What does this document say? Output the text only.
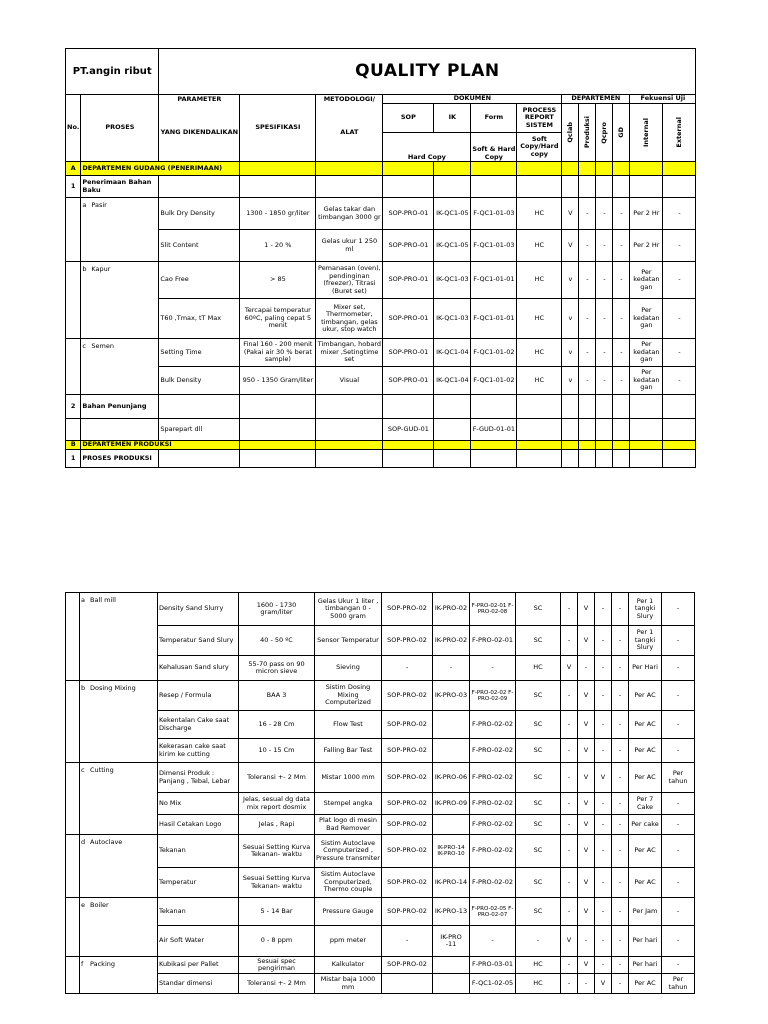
PT.angin ribut		QUALITY PLAN												
No.	PROSES	PARAMETER	SPESIFIKASI	METODOLOGI/	DOKUMEN				DEPARTEMEN				Fekuensi Uji	
		YANG DIKENDALIKAN		ALAT	SOP	IK	Form	PROCESS REPORT SISTEM	Qclab	Produksi	Qcpro	GD	Internal	External

					Hard Copy		Soft & Hard Copy	Soft Copy/Hard copy						
A	DEPARTEMEN GUDANG (PENERIMAAN)													
1	Penerimaan Bahan Baku													
	a Pasir	Bulk Dry Density	1300 - 1850 gr/liter	Gelas takar dan timbangan 3000 gr	SOP-PRO-01	IK-QC1-05	F-QC1-01-03	HC	V	-	-	-	Per 2 Hr	-
		Slit Content	1 - 20 %	Gelas ukur 1 250 ml	SOP-PRO-01	IK-QC1-05	F-QC1-01-03	HC	V	-	-	-	Per 2 Hr	-
	b Kapur	Cao Free	> 85	Pemanasan (oven), pendinginan (freezer), Titrasi (Buret set)	SOP-PRO-01	IK-QC1-03	F-QC1-01-01	HC	v	-	-	-	Per kedatan gan	-
		T60 ,Tmax, tT Max	Tercapai temperatur 60ºC, paling cepat 5 menit	Mixer set, Thermometer, timbangan, gelas ukur, stop watch	SOP-PRO-01	IK-QC1-03	F-QC1-01-01	HC	v	-	-	-	Per kedatan gan	-
	c Semen	Setting Time	Final 160 - 200 menit (Pakai air 30 % berat sample)	Timbangan, hobard mixer ,Setingtime set	SOP-PRO-01	IK-QC1-04	F-QC1-01-02	HC	v	-	-	-	Per kedatan gan	-
		Bulk Density	950 - 1350 Gram/liter	Visual	SOP-PRO-01	IK-QC1-04	F-QC1-01-02	HC	v	-	-	-	Per kedatan gan	-
2	Bahan Penunjang													
		Sparepart dll			SOP-GUD-01		F-GUD-01-01							
B	DEPARTEMEN PRODUKSI													
1	PROSES PRODUKSI													
	a Ball mill	Density Sand Slurry	1600 - 1730 gram/liter	Gelas Ukur 1 liter , timbangan 0 - 5000 gram	SOP-PRO-02	IK-PRO-02	F-PRO-02-01 F-PRO-02-08	SC	-	V	-	-	Per 1 tangki Slury	-
		Temperatur Sand Slury	40 - 50 ºC	Sensor Temperatur	SOP-PRO-02	IK-PRO-02	F-PRO-02-01	SC	-	V	-	-	Per 1 tangki Slury	-
		Kehalusan Sand slury	55-70 pass on 90 micron sieve	Sieving	-	-	-	HC	V	-	-	-	Per Hari	-
	b Dosing Mixing	Resep / Formula	BAA 3	Sistim Dosing Mixing Computerized	SOP-PRO-02	IK-PRO-03	F-PRO-02-02 F-PRO-02-09	SC	-	V	-	-	Per AC	-
		Kekentalan Cake saat Discharge	16 - 28 Cm	Flow Test	SOP-PRO-02		F-PRO-02-02	SC	-	V	-	-	Per AC	-
		Kekerasan cake saat kirim ke cutting	10 - 15 Cm	Falling Bar Test	SOP-PRO-02		F-PRO-02-02	SC	-	V	-	-	Per AC	-
	c Cutting	Dimensi Produk : Panjang , Tebal, Lebar	Toleransi +- 2 Mm	Mistar 1000 mm	SOP-PRO-02	IK-PRO-06	F-PRO-02-02	SC	-	V	V	-	Per AC	Per tahun
		No Mix	Jelas, sesual dg data mix report dosmix	Stempel angka	SOP-PRO-02	IK-PRO-09	F-PRO-02-02	SC	-	V	-	-	Per 7 Cake	-
		Hasil Cetakan Logo	Jelas , Rapi	Plat logo di mesin Bad Remover	SOP-PRO-02		F-PRO-02-02	SC	-	V	-	-	Per cake	-
	d Autoclave	Tekanan	Sesuai Setting Kurva Tekanan- waktu	Sistim Autoclave Computerized , Pressure transmiter	SOP-PRO-02	IK-PRO-14 IK-PRO-10	F-PRO-02-02	SC	-	V	-	-	Per AC	-
		Temperatur	Sesuai Setting Kurva Tekanan- waktu	Sistim Autoclave Computerized, Thermo couple	SOP-PRO-02	IK-PRO-14	F-PRO-02-02	SC	-	V	-	-	Per AC	-
	e Boiler	Tekanan	5 - 14 Bar	Pressure Gauge	SOP-PRO-02	IK-PRO-13	F-PRO-02-05 F-PRO-02-07	SC	-	V	-	-	Per Jam	-
		Air Soft Water	0 - 8 ppm	ppm meter	-	IK-PRO -11	-	-	V	-	-	-	Per hari	-
	f Packing	Kubikasi per Pallet	Sesuai spec pengiriman	Kalkulator	SOP-PRO-02		F-PRO-03-01	HC	-	V	-	-	Per hari	-
		Standar dimensi	Toleransi +- 2 Mm	Mistar baja 1000 mm			F-QC1-02-05	HC	-	-	V	-	Per AC	Per tahun
